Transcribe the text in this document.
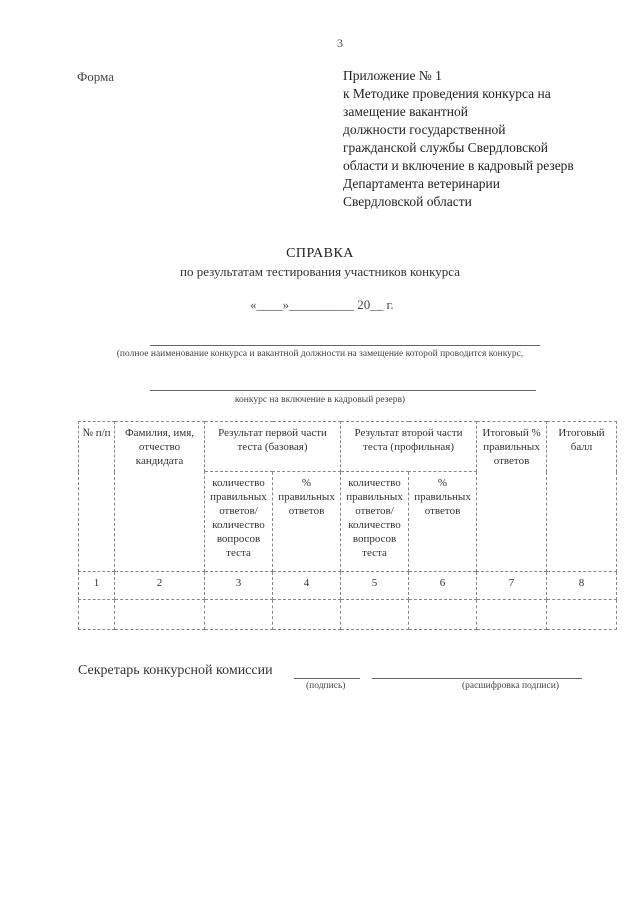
3
Форма	Приложение № 1
к Методике проведения конкурса на
замещение вакантной
должности государственной
гражданской службы Свердловской
области и включение в кадровый резерв
Департамента ветеринарии
Свердловской области
СПРАВКА
по результатам тестирования участников конкурса
«____»__________ 20__ г.
(полное наименование конкурса и вакантной должности на замещение которой проводится конкурс,
конкурс на включение в кадровый резерв)
№ п/п	Фамилия, имя, отчество кандидата	Результат первой части теста (базовая)		Результат второй части теста (профильная)		Итоговый % правильных ответов	Итоговый балл
		количество правильных ответов/ количество вопросов теста	% правильных ответов	количество правильных ответов/ количество вопросов теста	% правильных ответов		
1	2	3	4	5	6	7	8

Секретарь конкурсной комиссии
(подпись)	(расшифровка подписи)
